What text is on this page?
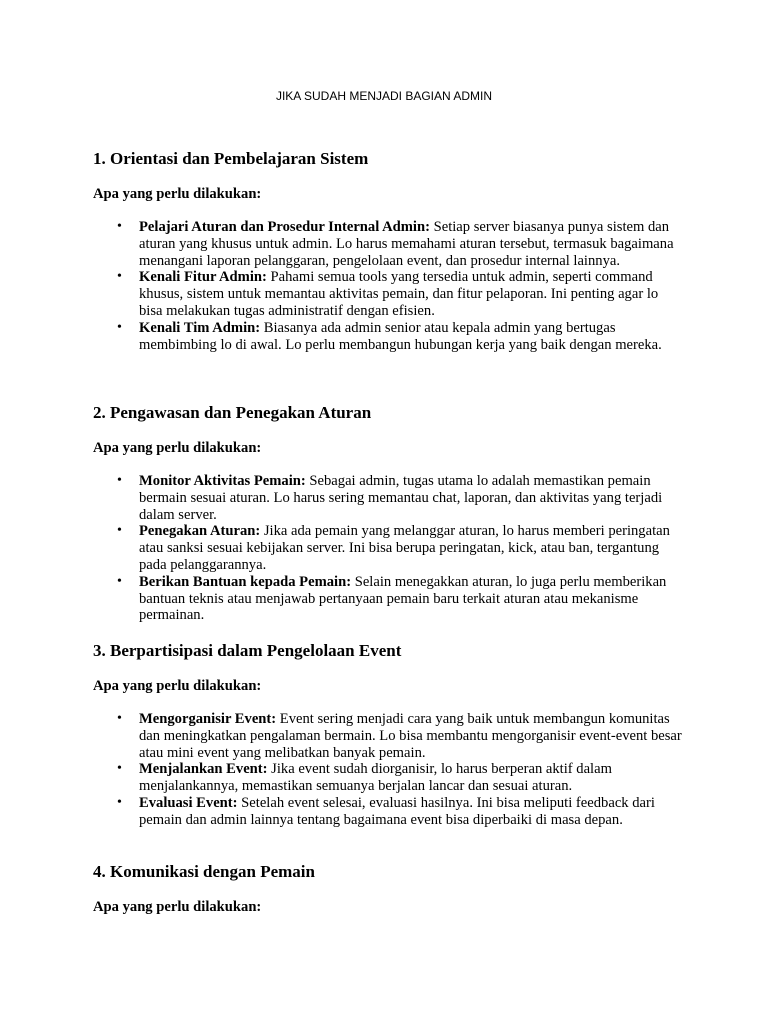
JIKA SUDAH MENJADI BAGIAN ADMIN
1. Orientasi dan Pembelajaran Sistem
Apa yang perlu dilakukan:
• Pelajari Aturan dan Prosedur Internal Admin: Setiap server biasanya punya sistem dan aturan yang khusus untuk admin. Lo harus memahami aturan tersebut, termasuk bagaimana menangani laporan pelanggaran, pengelolaan event, dan prosedur internal lainnya.
• Kenali Fitur Admin: Pahami semua tools yang tersedia untuk admin, seperti command khusus, sistem untuk memantau aktivitas pemain, dan fitur pelaporan. Ini penting agar lo bisa melakukan tugas administratif dengan efisien.
• Kenali Tim Admin: Biasanya ada admin senior atau kepala admin yang bertugas membimbing lo di awal. Lo perlu membangun hubungan kerja yang baik dengan mereka.
2. Pengawasan dan Penegakan Aturan
Apa yang perlu dilakukan:
• Monitor Aktivitas Pemain: Sebagai admin, tugas utama lo adalah memastikan pemain bermain sesuai aturan. Lo harus sering memantau chat, laporan, dan aktivitas yang terjadi dalam server.
• Penegakan Aturan: Jika ada pemain yang melanggar aturan, lo harus memberi peringatan atau sanksi sesuai kebijakan server. Ini bisa berupa peringatan, kick, atau ban, tergantung pada pelanggarannya.
• Berikan Bantuan kepada Pemain: Selain menegakkan aturan, lo juga perlu memberikan bantuan teknis atau menjawab pertanyaan pemain baru terkait aturan atau mekanisme permainan.
3. Berpartisipasi dalam Pengelolaan Event
Apa yang perlu dilakukan:
• Mengorganisir Event: Event sering menjadi cara yang baik untuk membangun komunitas dan meningkatkan pengalaman bermain. Lo bisa membantu mengorganisir event-event besar atau mini event yang melibatkan banyak pemain.
• Menjalankan Event: Jika event sudah diorganisir, lo harus berperan aktif dalam menjalankannya, memastikan semuanya berjalan lancar dan sesuai aturan.
• Evaluasi Event: Setelah event selesai, evaluasi hasilnya. Ini bisa meliputi feedback dari pemain dan admin lainnya tentang bagaimana event bisa diperbaiki di masa depan.
4. Komunikasi dengan Pemain
Apa yang perlu dilakukan:
